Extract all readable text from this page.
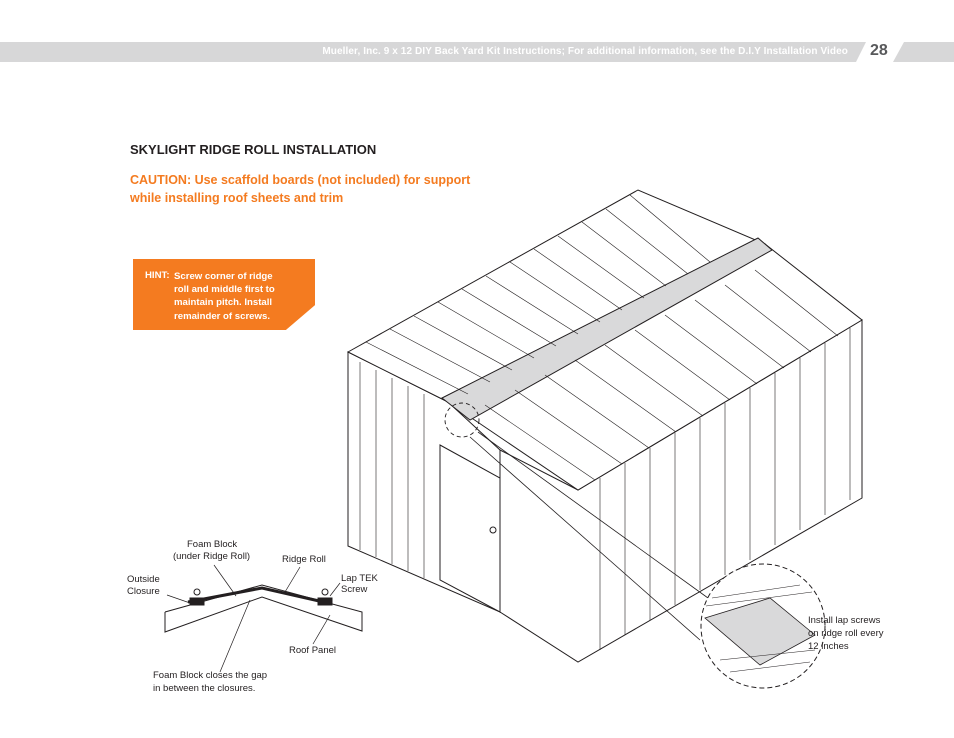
Mueller, Inc. 9 x 12 DIY Back Yard Kit Instructions; For additional information, see the D.I.Y Installation Video 28
SKYLIGHT RIDGE ROLL INSTALLATION
CAUTION: Use scaffold boards (not included) for support
while installing roof sheets and trim
HINT: Screw corner of ridge
roll and middle first to
maintain pitch. Install
remainder of screws.
Foam Block
(under Ridge Roll)	Ridge Roll
Outside
Closure
Lap TEK
Screw
Roof Panel
Foam Block closes the gap
in between the closures.
Install lap screws
on ridge roll every
12 inches
